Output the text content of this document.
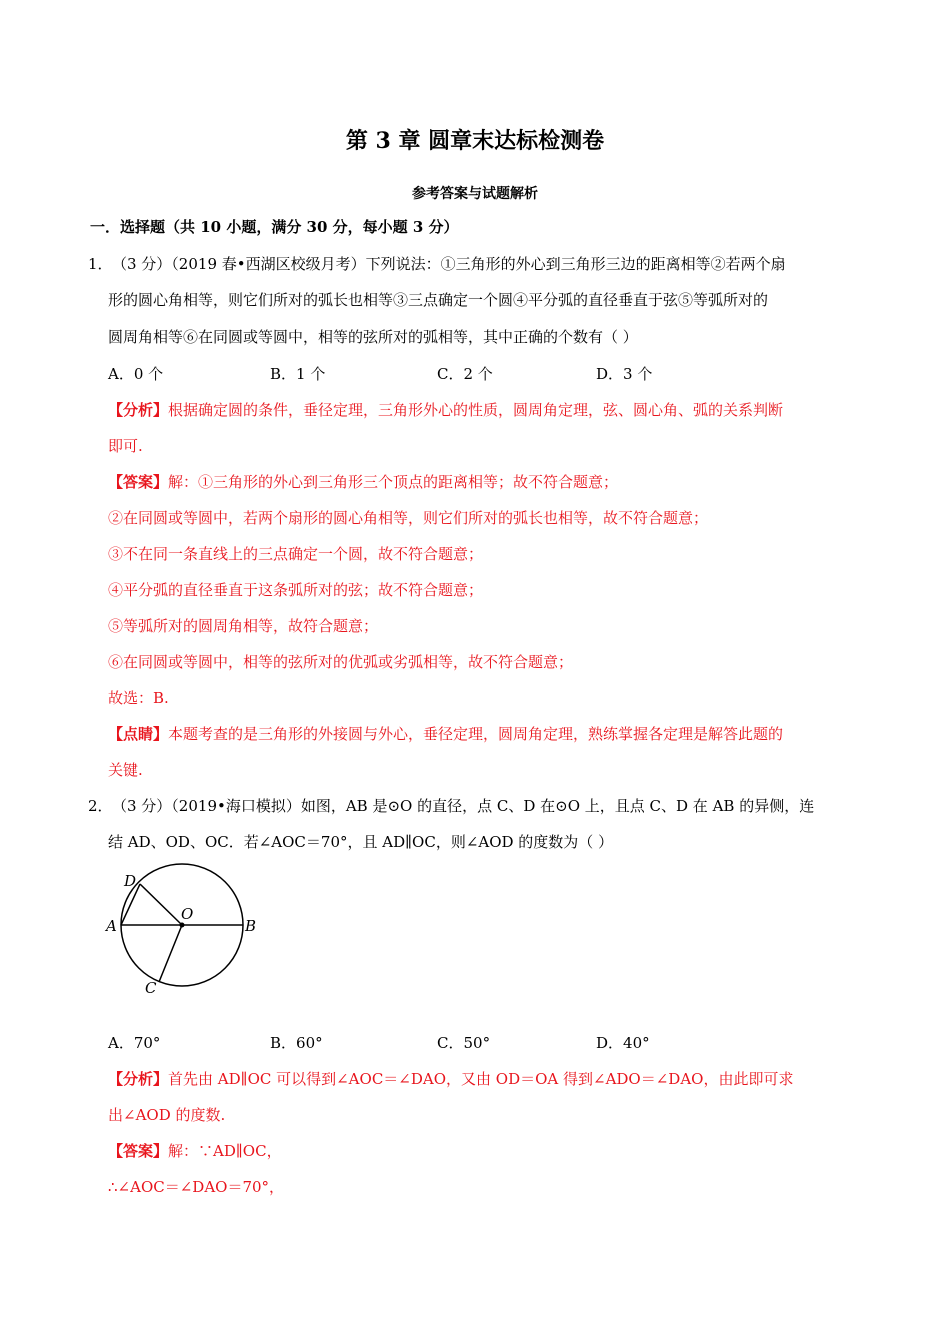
第 3 章 圆章末达标检测卷
参考答案与试题解析
一．选择题（共 10 小题，满分 30 分，每小题 3 分）
1． （3 分）（2019 春•西湖区校级月考）下列说法：①三角形的外心到三角形三边的距离相等②若两个扇
形的圆心角相等，则它们所对的弧长也相等③三点确定一个圆④平分弧的直径垂直于弦⑤等弧所对的
圆周角相等⑥在同圆或等圆中，相等的弦所对的弧相等，其中正确的个数有（ ）
A．0 个	B．1 个	C．2 个	D．3 个
【分析】根据确定圆的条件，垂径定理，三角形外心的性质，圆周角定理，弦、圆心角、弧的关系判断
即可.
【答案】解：①三角形的外心到三角形三个顶点的距离相等；故不符合题意；
②在同圆或等圆中，若两个扇形的圆心角相等，则它们所对的弧长也相等，故不符合题意；
③不在同一条直线上的三点确定一个圆，故不符合题意；
④平分弧的直径垂直于这条弧所对的弦；故不符合题意；
⑤等弧所对的圆周角相等，故符合题意；
⑥在同圆或等圆中，相等的弦所对的优弧或劣弧相等，故不符合题意；
故选：B.
【点睛】本题考查的是三角形的外接圆与外心，垂径定理，圆周角定理，熟练掌握各定理是解答此题的
关键.
2． （3 分）（2019•海口模拟）如图，AB 是⊙O 的直径，点 C、D 在⊙O 上，且点 C、D 在 AB 的异侧，连
结 AD、OD、OC．若∠AOC＝70°，且 AD∥OC，则∠AOD 的度数为（ ）
A	B
C
D
O
A．70°	B．60°	C．50°	D．40°
【分析】首先由 AD∥OC 可以得到∠AOC＝∠DAO，又由 OD＝OA 得到∠ADO＝∠DAO，由此即可求
出∠AOD 的度数.
【答案】解：∵AD∥OC，
∴∠AOC＝∠DAO＝70°，
